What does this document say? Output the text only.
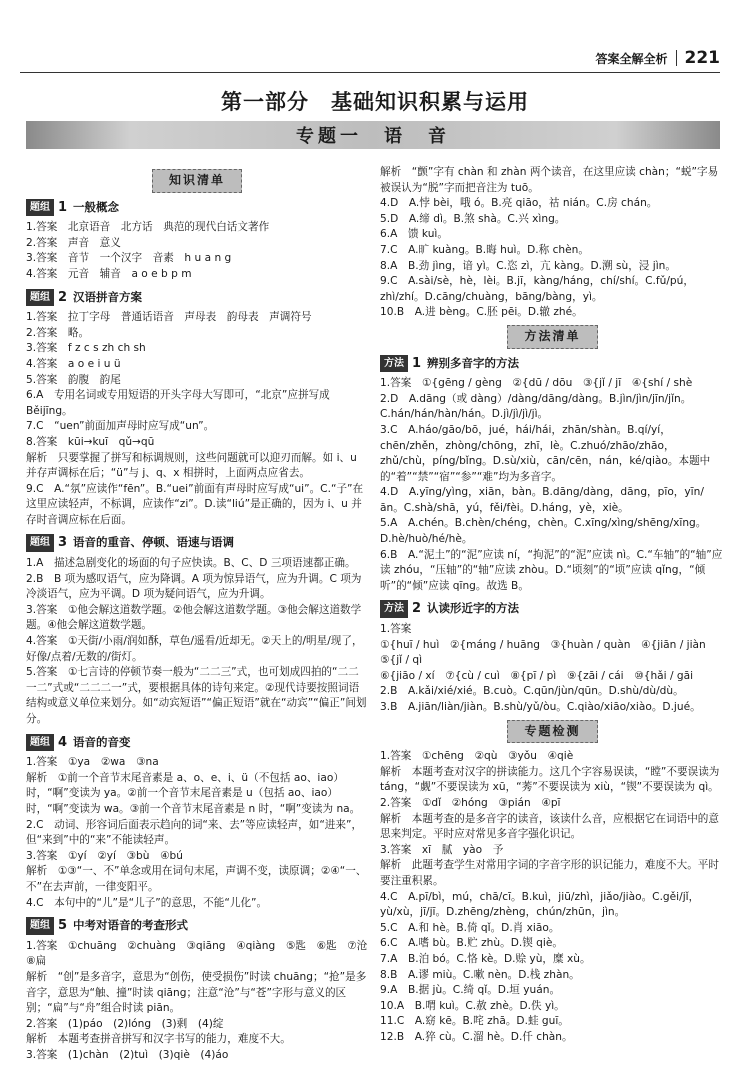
答案全解全析 221
第一部分　基础知识积累与运用
专题一　语　音
知识清单
题组 1 一般概念
1.答案　北京语音　北方话　典范的现代白话文著作
2.答案　声音　意义
3.答案　音节　一个汉字　音素　h u a n g
4.答案　元音　辅音　a o e b p m
题组 2 汉语拼音方案
1.答案　拉丁字母　普通话语音　声母表　韵母表　声调符号
2.答案　略。
3.答案　f z c s zh ch sh
4.答案　a o e i u ü
5.答案　韵腹　韵尾
6.A　专用名词或专用短语的开头字母大写即可，“北京”应拼写成 Běijīng。
7.C　“uen”前面加声母时应写成“un”。
8.答案　kūi→kuī　qǔ→qū
解析　只要掌握了拼写和标调规则，这些问题就可以迎刃而解。如 i、u 并存声调标在后；“ü”与 j、q、x 相拼时，上面两点应省去。
9.C　A.“氛”应读作“fēn”。B.“uei”前面有声母时应写成“ui”。C.“子”在这里应读轻声，不标调，应读作“zi”。D.读“liú”是正确的，因为 i、u 并存时音调应标在后面。
题组 3 语音的重音、停顿、语速与语调
1.A　描述急剧变化的场面的句子应快读。B、C、D 三项语速都正确。
2.B　B 项为感叹语气，应为降调。A 项为惊异语气，应为升调。C 项为冷淡语气，应为平调。D 项为疑问语气，应为升调。
3.答案　①他会解这道数学题。②他会解这道数学题。③他会解这道数学题。④他会解这道数学题。
4.答案　①天街/小雨/润如酥，草色/遥看/近却无。②天上的/明星/现了，好像/点着/无数的/街灯。
5.答案　①七言诗的停顿节奏一般为“二二三”式，也可划成四拍的“二二一二”式或“二二二一”式，要根据具体的诗句来定。②现代诗要按照词语结构或意义单位来划分。如“动宾短语”“偏正短语”就在“动宾”“偏正”间划分。
题组 4 语音的音变
1.答案　①ya　②wa　③na
解析　①前一个音节末尾音素是 a、o、e、i、ü（不包括 ao、iao）时，“啊”变读为 ya。②前一个音节末尾音素是 u（包括 ao、iao）时，“啊”变读为 wa。③前一个音节末尾音素是 n 时，“啊”变读为 na。
2.C　动词、形容词后面表示趋向的词“来、去”等应读轻声，如“进来”，但“来到”中的“来”不能读轻声。
3.答案　①yí　②yí　③bù　④bú
解析　①③“一、不”单念或用在词句末尾，声调不变，读原调；②④“一、不”在去声前，一律变阳平。
4.C　本句中的“儿”是“儿子”的意思，不能“儿化”。
题组 5 中考对语音的考查形式
1.答案　①chuāng　②chuàng　③qiāng　④qiàng　⑤匙　⑥匙　⑦沧　⑧扁
解析　“创”是多音字，意思为“创伤，使受损伤”时读 chuāng；“抢”是多音字，意思为“触、撞”时读 qiāng；注意“沧”与“苍”字形与意义的区别；“扁”与“舟”组合时读 piān。
2.答案　(1)páo　(2)lóng　(3)剩　(4)绽
解析　本题考查拼音拼写和汉字书写的能力，难度不大。
3.答案　(1)chàn　(2)tuì　(3)qiè　(4)áo
解析　“颤”字有 chàn 和 zhàn 两个读音，在这里应读 chàn；“蜕”字易被误认为“脱”字而把音注为 tuō。
4.D　A.悖 bèi，哦 ó。B.亮 qiāo，祜 nián。C.房 chán。
5.D　A.缔 dì。B.煞 shà。C.兴 xìng。
6.A　馈 kuì。
7.C　A.旷 kuàng。B.晦 huì。D.称 chèn。
8.A　B.劲 jìng，谙 yì。C.恣 zì，亢 kàng。D.溯 sù，浸 jìn。
9.C　A.sài/sè，hè，lèi。B.jī，kàng/háng，chí/shí。C.fǔ/pú，zhì/zhí。D.cāng/chuàng，bāng/bàng，yì。
10.B　A.进 bèng。C.胚 pēi。D.辙 zhé。
方法清单
方法 1 辨别多音字的方法
1.答案　①{gēng / gèng　②{dū / dōu　③{jǐ / jī　④{shí / shè
2.D　A.dāng（或 dàng）/dàng/dāng/dàng。B.jìn/jìn/jīn/jǐn。C.hán/hán/hàn/hán。D.jì/jì/jì/jì。
3.C　A.háo/gāo/bō，jué，hái/hái，zhān/shàn。B.qí/yí，chēn/zhěn，zhòng/chōng，zhī，lè。C.zhuó/zhāo/zhāo，zhǔ/chù，píng/bǐng。D.sù/xiù，cān/cēn，nán，ké/qiào。本题中的“着”“禁”“宿”“参”“难”均为多音字。
4.D　A.yīng/yìng，xiān，bàn。B.dāng/dàng，dāng，pīo，yīn/ān。C.shà/shā，yú，fěi/fèi。D.háng，yè，xiè。
5.A　A.chén。B.chèn/chéng，chèn。C.xīng/xìng/shēng/xīng。D.hè/huò/hé/hè。
6.B　A.“泥土”的“泥”应读 ní，“拘泥”的“泥”应读 nì。C.“车轴”的“轴”应读 zhóu，“压轴”的“轴”应读 zhòu。D.“顷刻”的“顷”应读 qǐng，“倾听”的“倾”应读 qīng。故选 B。
方法 2 认读形近字的方法
1.答案
①{huī / huì　②{máng / huāng　③{huàn / quàn　④{jiān / jiàn　⑤{jǐ / qì
⑥{jiāo / xí　⑦{cù / cuì　⑧{pī / pì　⑨{zāi / cái　⑩{hǎi / gāi
2.B　A.kǎi/xié/xié。B.cuò。C.qūn/jùn/qūn。D.shù/dù/dù。
3.B　A.jiān/liàn/jiàn。B.shù/yǔ/òu。C.qiào/xiāo/xiào。D.jué。
专题检测
1.答案　①chēng　②qù　③yǒu　④qiè
解析　本题考查对汉字的拼读能力。这几个字容易误读，“瞠”不要误读为 táng，“觑”不要误读为 xū，“莠”不要误读为 xiù，“锲”不要误读为 qì。
2.答案　①dǐ　②hóng　③pián　④pī
解析　本题考查的是多音字的读音，该读什么音，应根据它在词语中的意思来判定。平时应对常见多音字强化识记。
3.答案　xī　腻　yào　予
解析　此题考查学生对常用字词的字音字形的识记能力，难度不大。平时要注重积累。
4.C　A.pī/bì，mú，chā/cī。B.kuì，jiū/zhì，jiǎo/jiào。C.gěi/jǐ，yù/xù，jī/jī。D.zhēng/zhèng，chún/zhūn，jìn。
5.C　A.和 hè。B.倚 qǐ。D.肖 xiāo。
6.C　A.嗜 bù。B.贮 zhù。D.锲 qiè。
7.A　B.泊 bó。C.恪 kè。D.赊 yù，糜 xù。
8.B　A.谬 miù。C.嗽 nèn。D.栈 zhàn。
9.A　B.据 jù。C.绮 qǐ。D.垣 yuán。
10.A　B.喟 kuì。C.赦 zhè。D.佚 yì。
11.C　A.窈 kē。B.咤 zhā。D.蛙 guī。
12.B　A.猝 cù。C.溜 hè。D.仟 chàn。
